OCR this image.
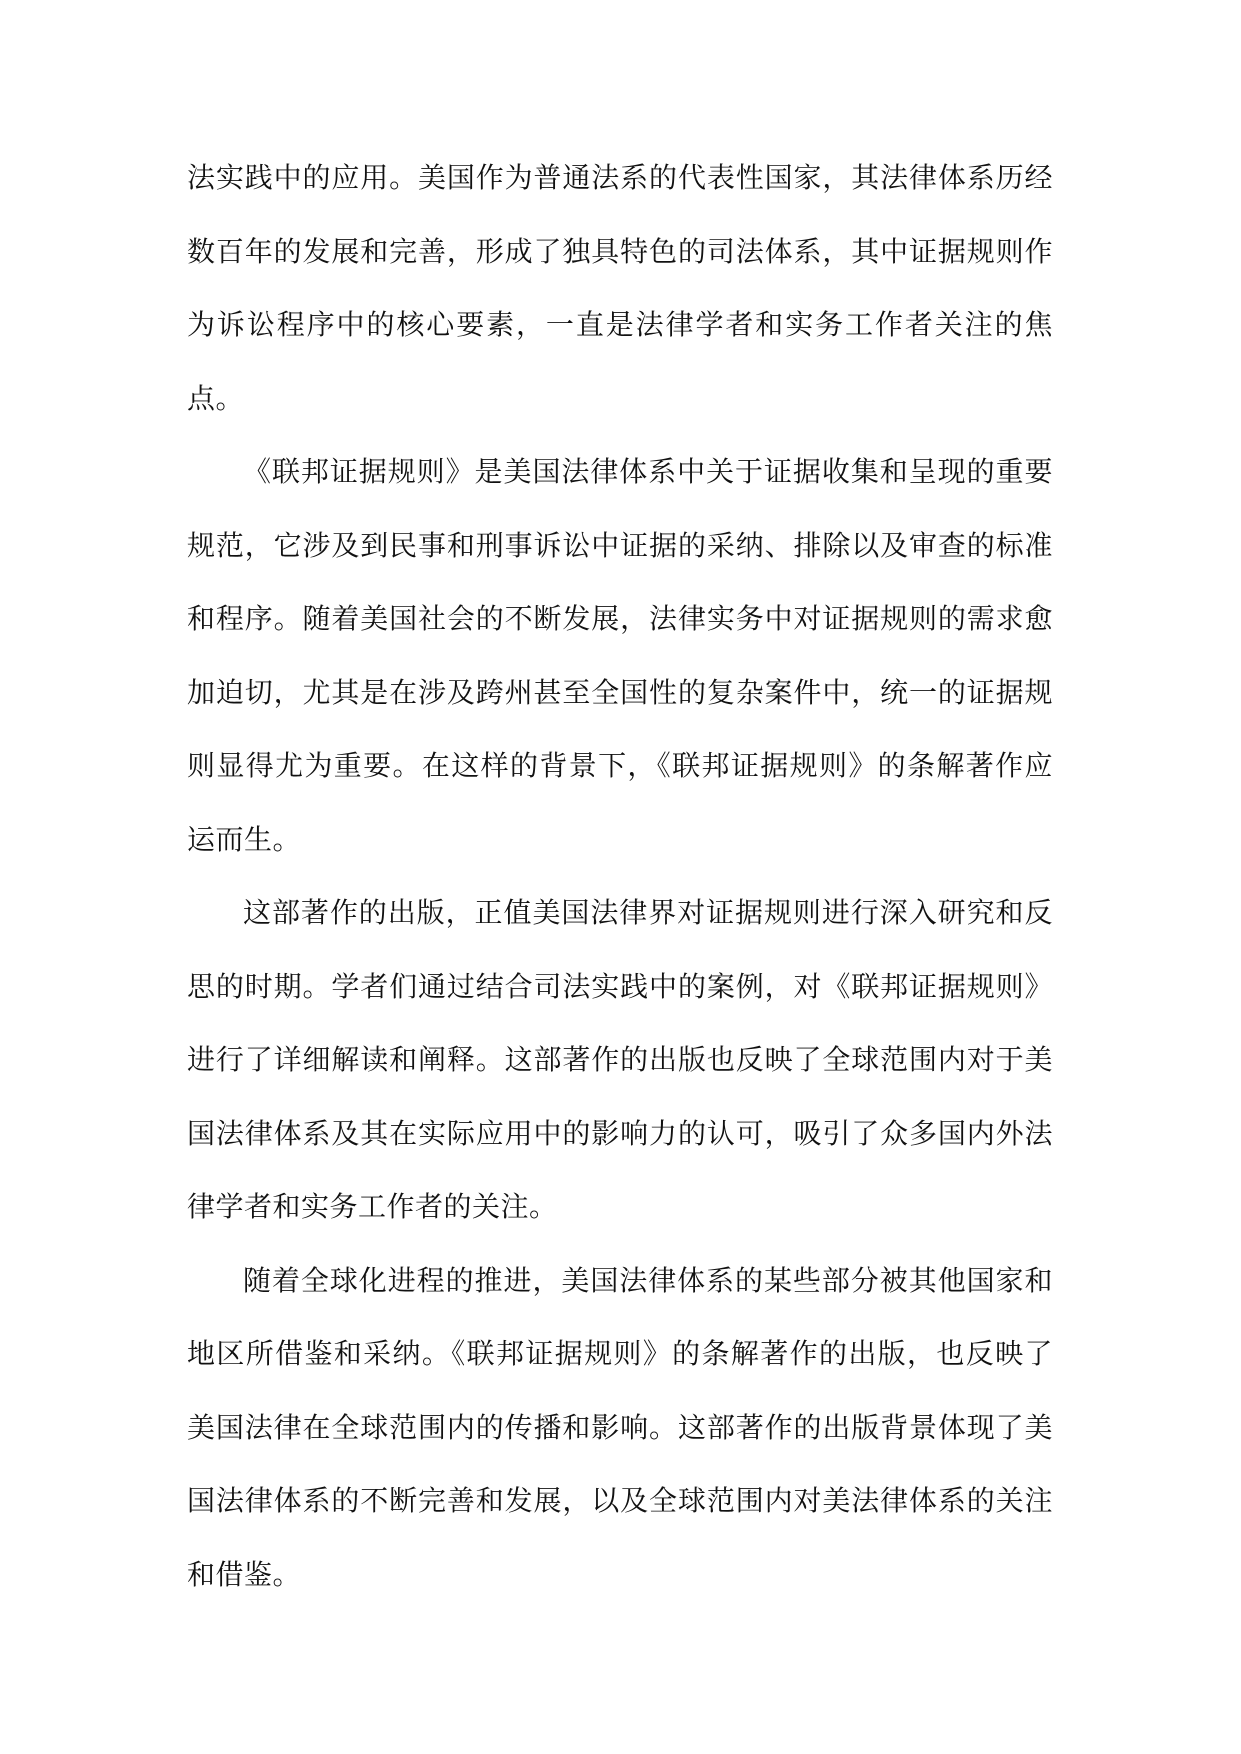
法实践中的应用。美国作为普通法系的代表性国家，其法律体系历经数百年的发展和完善，形成了独具特色的司法体系，其中证据规则作为诉讼程序中的核心要素，一直是法律学者和实务工作者关注的焦点。

《联邦证据规则》是美国法律体系中关于证据收集和呈现的重要规范，它涉及到民事和刑事诉讼中证据的采纳、排除以及审查的标准和程序。随着美国社会的不断发展，法律实务中对证据规则的需求愈加迫切，尤其是在涉及跨州甚至全国性的复杂案件中，统一的证据规则显得尤为重要。在这样的背景下，《联邦证据规则》的条解著作应运而生。

这部著作的出版，正值美国法律界对证据规则进行深入研究和反思的时期。学者们通过结合司法实践中的案例，对《联邦证据规则》进行了详细解读和阐释。这部著作的出版也反映了全球范围内对于美国法律体系及其在实际应用中的影响力的认可，吸引了众多国内外法律学者和实务工作者的关注。

随着全球化进程的推进，美国法律体系的某些部分被其他国家和地区所借鉴和采纳。《联邦证据规则》的条解著作的出版，也反映了美国法律在全球范围内的传播和影响。这部著作的出版背景体现了美国法律体系的不断完善和发展，以及全球范围内对美法律体系的关注和借鉴。
